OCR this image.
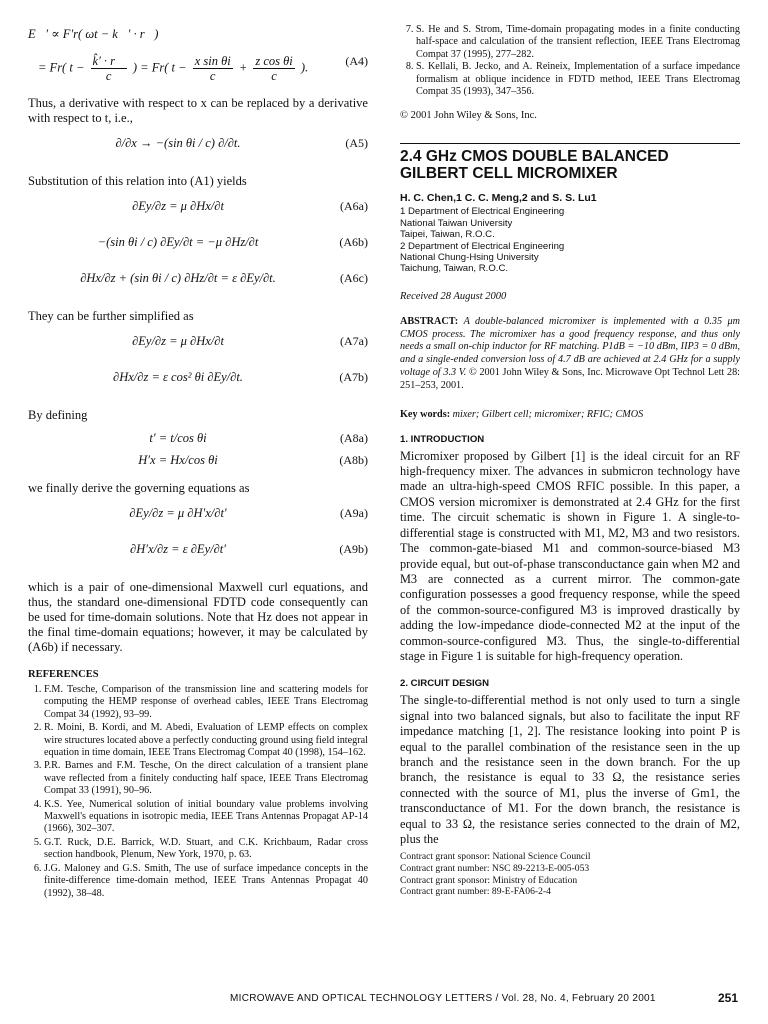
E⃗′ ∝ F′r( ωt − k⃗′ · r⃗)
= Fr( $t - \frac{k̂' \cdot r⃗}{c}$ ) = Fr( $t - \frac{\text{x sin θi}}{c} + \frac{\text{z cos θi}}{c}$ ).	(A4)

Thus, a derivative with respect to x can be replaced by a derivative with respect to t, i.e.,

∂/∂x → −(sin θi / c) ∂/∂t.	(A5)

Substitution of this relation into (A1) yields

∂Ey/∂z = μ ∂Hx/∂t	(A6a)
−(sin θi / c) ∂Ey/∂t = −μ ∂Hz/∂t	(A6b)
∂Hx/∂z + (sin θi / c) ∂Hz/∂t = ε ∂Ey/∂t.	(A6c)

They can be further simplified as

∂Ey/∂z = μ ∂Hx/∂t	(A7a)
∂Hx/∂z = ε cos² θi ∂Ey/∂t.	(A7b)

By defining

t′ = t/cos θi	(A8a)
H′x = Hx/cos θi	(A8b)

we finally derive the governing equations as

∂Ey/∂z = μ ∂H′x/∂t′	(A9a)
∂H′x/∂z = ε ∂Ey/∂t′	(A9b)

which is a pair of one-dimensional Maxwell curl equations, and thus, the standard one-dimensional FDTD code consequently can be used for time-domain solutions. Note that Hz does not appear in the final time-domain equations; however, it may be calculated by (A6b) if necessary.

REFERENCES
1. F.M. Tesche, Comparison of the transmission line and scattering models for computing the HEMP response of overhead cables, IEEE Trans Electromag Compat 34 (1992), 93–99.
2. R. Moini, B. Kordi, and M. Abedi, Evaluation of LEMP effects on complex wire structures located above a perfectly conducting ground using field integral equation in time domain, IEEE Trans Electromag Compat 40 (1998), 154–162.
3. P.R. Barnes and F.M. Tesche, On the direct calculation of a transient plane wave reflected from a finitely conducting half space, IEEE Trans Electromag Compat 33 (1991), 90–96.
4. K.S. Yee, Numerical solution of initial boundary value problems involving Maxwell's equations in isotropic media, IEEE Trans Antennas Propagat AP-14 (1966), 302–307.
5. G.T. Ruck, D.E. Barrick, W.D. Stuart, and C.K. Krichbaum, Radar cross section handbook, Plenum, New York, 1970, p. 63.
6. J.G. Maloney and G.S. Smith, The use of surface impedance concepts in the finite-difference time-domain method, IEEE Trans Antennas Propagat 40 (1992), 38–48.
7. S. He and S. Strom, Time-domain propagating modes in a finite conducting half-space and calculation of the transient reflection, IEEE Trans Electromag Compat 37 (1995), 277–282.
8. S. Kellali, B. Jecko, and A. Reineix, Implementation of a surface impedance formalism at oblique incidence in FDTD method, IEEE Trans Electromag Compat 35 (1993), 347–356.
© 2001 John Wiley & Sons, Inc.
2.4 GHz CMOS DOUBLE BALANCED GILBERT CELL MICROMIXER
H. C. Chen,1 C. C. Meng,2 and S. S. Lu1
1 Department of Electrical Engineering
National Taiwan University
Taipei, Taiwan, R.O.C.
2 Department of Electrical Engineering
National Chung-Hsing University
Taichung, Taiwan, R.O.C.
Received 28 August 2000
ABSTRACT: A double-balanced micromixer is implemented with a 0.35 μm CMOS process. The micromixer has a good frequency response, and thus only needs a small on-chip inductor for RF matching. P1dB = −10 dBm, IIP3 = 0 dBm, and a single-ended conversion loss of 4.7 dB are achieved at 2.4 GHz for a supply voltage of 3.3 V. © 2001 John Wiley & Sons, Inc. Microwave Opt Technol Lett 28: 251–253, 2001.
Key words: mixer; Gilbert cell; micromixer; RFIC; CMOS
1. INTRODUCTION

Micromixer proposed by Gilbert [1] is the ideal circuit for an RF high-frequency mixer. The advances in submicron technology have made an ultra-high-speed CMOS RFIC possible. In this paper, a CMOS version micromixer is demonstrated at 2.4 GHz for the first time. The circuit schematic is shown in Figure 1. A single-to-differential stage is constructed with M1, M2, M3 and two resistors. The common-gate-biased M1 and common-source-biased M3 provide equal, but out-of-phase transconductance gain when M2 and M3 are connected as a current mirror. The common-gate configuration possesses a good frequency response, while the speed of the common-source-configured M3 is improved drastically by adding the low-impedance diode-connected M2 at the input of the common-source-configured M3. Thus, the single-to-differential stage in Figure 1 is suitable for high-frequency operation.

2. CIRCUIT DESIGN

The single-to-differential method is not only used to turn a single signal into two balanced signals, but also to facilitate the input RF impedance matching [1, 2]. The resistance looking into point P is equal to the parallel combination of the resistance seen in the up branch and the resistance seen in the down branch. For the up branch, the resistance is equal to 33 Ω, the resistance series connected with the source of M1, plus the inverse of Gm1, the transconductance of M1. For the down branch, the resistance is equal to 33 Ω, the resistance series connected to the drain of M2, plus the

Contract grant sponsor: National Science Council
Contract grant number: NSC 89-2213-E-005-053
Contract grant sponsor: Ministry of Education
Contract grant number: 89-E-FA06-2-4
MICROWAVE AND OPTICAL TECHNOLOGY LETTERS / Vol. 28, No. 4, February 20 2001	251
